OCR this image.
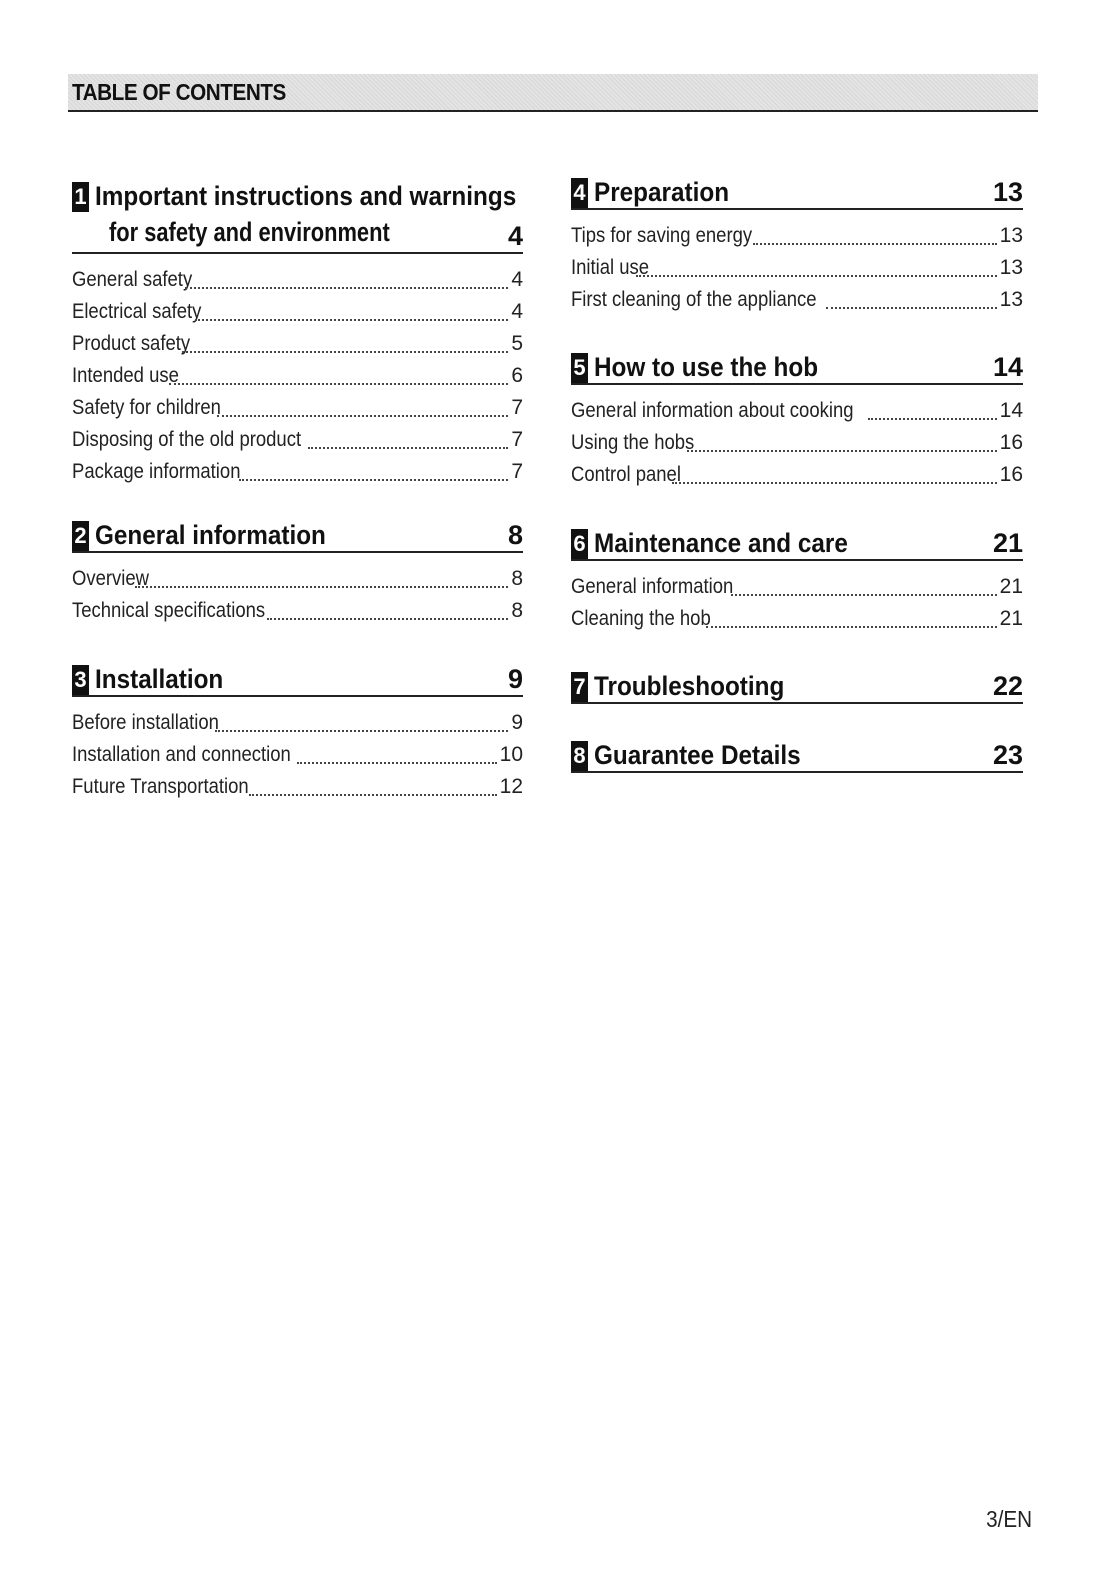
TABLE OF CONTENTS
1 Important instructions and warnings
for safety and environment	4
General safety	4
Electrical safety	4
Product safety	5
Intended use	6
Safety for children	7
Disposing of the old product	7
Package information	7
2 General information	8
Overview	8
Technical specifications	8
3 Installation	9
Before installation	9
Installation and connection	10
Future Transportation	12
4 Preparation	13
Tips for saving energy	13
Initial use	13
First cleaning of the appliance	13
5 How to use the hob	14
General information about cooking	14
Using the hobs	16
Control panel	16
6 Maintenance and care	21
General information	21
Cleaning the hob	21
7 Troubleshooting	22
8 Guarantee Details	23
3/EN
